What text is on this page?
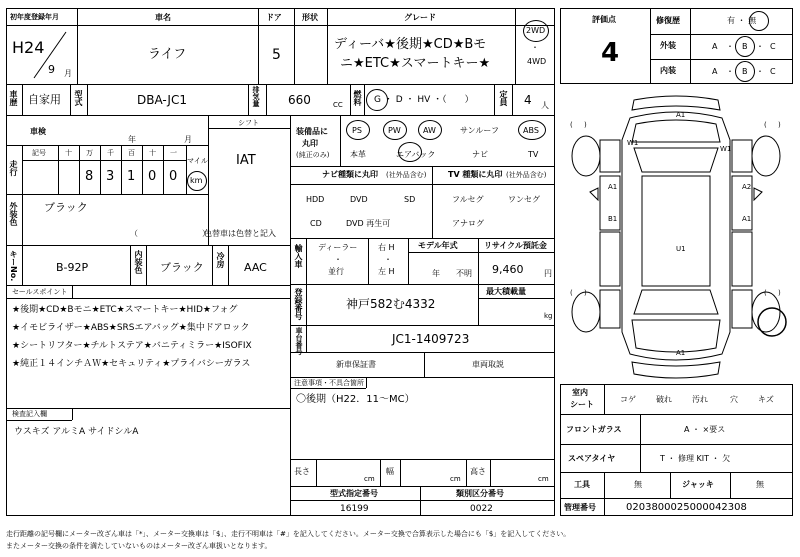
初年度登録年月
H24
9 月
車名
ライフ
ドア
5
形状	グレード
ディーバ★後期★CD★Bモ
ニ★ETC★スマートキー★
2WD
・
4WD
車歴 自家用 型式	DBA-JC1	排気量 660	CC 燃料 G ・ D ・ HV ・（　　）	定員 4 人
車検
年	月
シフト
IAT
走行
記号	十 万 千 百 十 一
8 3 1 0 0
マイル
km
外装色 ブラック
（　　　　　　　　）
色替車は色替と記入
キーNo.	B-92P	内装色 ブラック 冷房 AAC
セールスポイント
★後期★CD★Bモニ★ETC★スマートキー★HID★フォグ
★イモビライザー★ABS★SRSエアバッグ★集中ドアロック
★シートリフター★チルトステア★バニティミラー★ISOFIX
★純正１４インチＡＷ★セキュリティ★プライバシーガラス
検査記入欄
ウスキズ アルミA サイドシルA
装備品に
丸印
(純正のみ)
PS	PW	AW	サンルーフ	ABS
本革	エアバック	ナビ	TV
ナビ種類に丸印 (社外品含む)
HDD	DVD	SD
CD	DVD 再生可
TV 種類に丸印 (社外品含む)
フルセグ	ワンセグ
アナログ
輸入車 ディーラー
・
並行
右 H
・
左 H
モデル年式
年 不明
リサイクル預託金
9,460	円
登録番号	神戸582む4332
最大積載量
kg
車台番号	JC1-1409723
新車保証書	車両取説
注意事項・不具合箇所
〇後期（H22．11～MC）
長さ
cm
幅
cm
高さ
cm
型式指定番号
16199
類別区分番号
0022
評価点
4
修復歴	有 ・ 無
外装	A ・ B ・ C
内装	A ・ B ・ C
A1
W1
W1
A1	A2
B1	A1
U1
A1
( )	( )
( )	( )
室内
シート
コゲ	破れ	汚れ	穴	キズ
フロントガラス	A ・ ×要ス
スペアタイヤ	T ・ 修理 KIT ・ 欠
工具	無	ジャッキ	無
管理番号	0203800025000042308
走行距離の記号欄にメーター改ざん車は「*」、メーター交換車は「$」、走行不明車は「#」を記入してください。メーター交換で合算表示した場合にも「$」を記入してください。
またメーター交換の条件を満たしていないものはメーター改ざん車扱いとなります。
